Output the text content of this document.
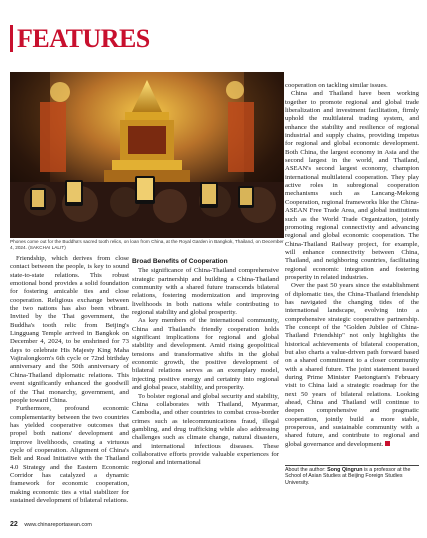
FEATURES
Phones come out for the Buddha's sacred tooth relics, on loan from China, at the Royal Garden in Bangkok, Thailand, on December 4, 2024. (SAKCHAI LALIT)

Friendship, which derives from close contact between the people, is key to sound state-to-state relations. This robust emotional bond provides a solid foundation for fostering amicable ties and close cooperation. Religious exchange between the two nations has also been vibrant. Invited by the Thai government, the Buddha's tooth relic from Beijing's Lingguang Temple arrived in Bangkok on December 4, 2024, to be enshrined for 73 days to celebrate His Majesty King Maha Vajiralongkorn's 6th cycle or 72nd birthday anniversary and the 50th anniversary of China-Thailand diplomatic relations. This event significantly enhanced the goodwill of the Thai monarchy, government, and people toward China.

Furthermore, profound economic complementarity between the two countries has yielded cooperative outcomes that propel both nations' development and improve livelihoods, creating a virtuous cycle of cooperation. Alignment of China's Belt and Road Initiative with the Thailand 4.0 Strategy and the Eastern Economic Corridor has catalyzed a dynamic framework for economic cooperation, making economic ties a vital stabilizer for sustained development of bilateral relations.

Broad Benefits of Cooperation

The significance of China-Thailand comprehensive strategic partnership and building a China-Thailand community with a shared future transcends bilateral relations, fostering modernization and improving livelihoods in both nations while contributing to regional stability and global prosperity.

As key members of the international community, China and Thailand's friendly cooperation holds significant implications for regional and global stability and development. Amid rising geopolitical tensions and transformative shifts in the global economic growth, the positive development of bilateral relations serves as an exemplary model, injecting positive energy and certainty into regional and global peace, stability, and prosperity.

To bolster regional and global security and stability, China collaborates with Thailand, Myanmar, Cambodia, and other countries to combat cross-border crimes such as telecommunications fraud, illegal gambling, and drug trafficking while also addressing challenges such as climate change, natural disasters, and international infectious diseases. These collaborative efforts provide valuable experiences for regional and international

cooperation on tackling similar issues.

China and Thailand have been working together to promote regional and global trade liberalization and investment facilitation, firmly uphold the multilateral trading system, and enhance the stability and resilience of regional industrial and supply chains, providing impetus for regional and global economic development. Both China, the largest economy in Asia and the second largest in the world, and Thailand, ASEAN's second largest economy, champion international multilateral cooperation. They play active roles in subregional cooperation mechanisms such as Lancang-Mekong Cooperation, regional frameworks like the China-ASEAN Free Trade Area, and global institutions such as the World Trade Organization, jointly promoting regional connectivity and advancing regional and global economic cooperation. The China-Thailand Railway project, for example, will enhance connectivity between China, Thailand, and neighboring countries, facilitating regional economic integration and fostering prosperity in related industries.

Over the past 50 years since the establishment of diplomatic ties, the China-Thailand friendship has navigated the changing tides of the international landscape, evolving into a comprehensive strategic cooperative partnership. The concept of the "Golden Jubilee of China-Thailand Friendship" not only highlights the historical achievements of bilateral cooperation, but also charts a value-driven path forward based on a shared commitment to a closer community with a shared future. The joint statement issued during Prime Minister Paetongtarn's February visit to China laid a strategic roadmap for the next 50 years of bilateral relations. Looking ahead, China and Thailand will continue to deepen comprehensive and pragmatic cooperation, jointly build a more stable, prosperous, and sustainable community with a shared future, and contribute to regional and global governance and development.

About the author: Song Qingrun is a professor at the School of Asian Studies at Beijing Foreign Studies University.
22 www.chinareportasean.com
